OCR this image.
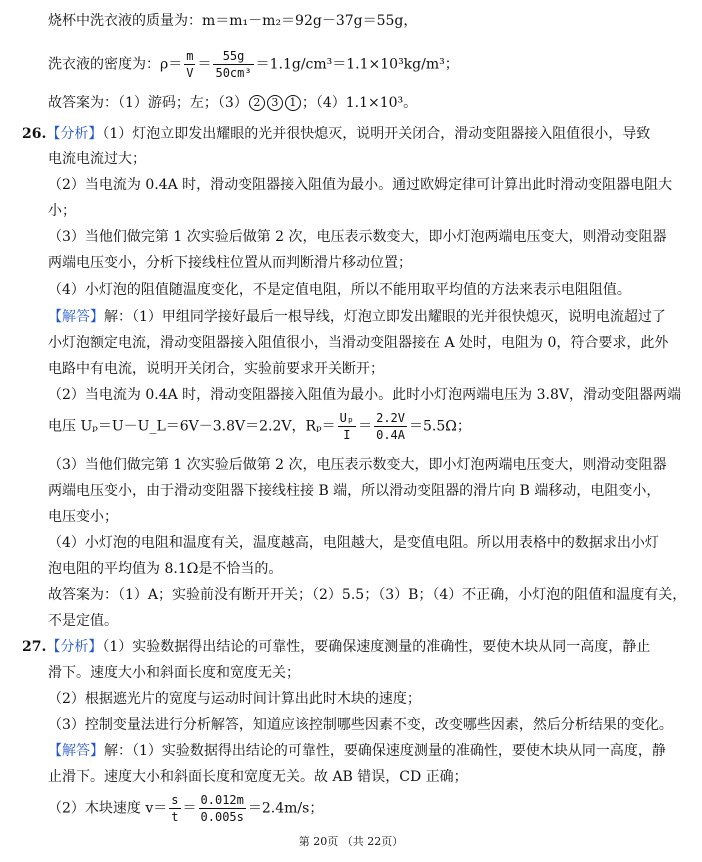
烧杯中洗衣液的质量为：m＝m₁－m₂＝92g－37g＝55g，
洗衣液的密度为：$\rho= \frac{m}{V} = \frac{55g}{\text{50cm³}} =1.1g/cm^3=1.1\times 10^3kg/m^3$；
故答案为：（1）游码；左；（3） 2 3 1 ；（4）1.1×10³。
26.【分析】（1）灯泡立即发出耀眼的光并很快熄灭，说明开关闭合，滑动变阻器接入阻值很小，导致
电流电流过大；
（2）当电流为 0.4A 时，滑动变阻器接入阻值为最小。通过欧姆定律可计算出此时滑动变阻器电阻大
小；
（3）当他们做完第 1 次实验后做第 2 次，电压表示数变大，即小灯泡两端电压变大，则滑动变阻器
两端电压变小，分析下接线柱位置从而判断滑片移动位置；
（4）小灯泡的阻值随温度变化，不是定值电阻，所以不能用取平均值的方法来表示电阻阻值。
【解答】解：（1）甲组同学接好最后一根导线，灯泡立即发出耀眼的光并很快熄灭，说明电流超过了
小灯泡额定电流，滑动变阻器接入阻值很小，当滑动变阻器接在 A 处时，电阻为 0，符合要求，此外
电路中有电流，说明开关闭合，实验前要求开关断开；
（2）当电流为 0.4A 时，滑动变阻器接入阻值为最小。此时小灯泡两端电压为 3.8V，滑动变阻器两端
电压 Uₚ＝U－U_L＝6V－3.8V＝2.2V，$R_p= \frac{\text{Uₚ}}{I} = \frac{2.2V}{0.4A} =5.5\Omega$；
（3）当他们做完第 1 次实验后做第 2 次，电压表示数变大，即小灯泡两端电压变大，则滑动变阻器
两端电压变小，由于滑动变阻器下接线柱接 B 端，所以滑动变阻器的滑片向 B 端移动，电阻变小，
电压变小；
（4）小灯泡的电阻和温度有关，温度越高，电阻越大，是变值电阻。所以用表格中的数据求出小灯
泡电阻的平均值为 8.1Ω是不恰当的。
故答案为：（1）A；实验前没有断开开关；（2）5.5；（3）B；（4）不正确，小灯泡的阻值和温度有关，
不是定值。
27.【分析】（1）实验数据得出结论的可靠性，要确保速度测量的准确性，要使木块从同一高度，静止
滑下。速度大小和斜面长度和宽度无关；
（2）根据遮光片的宽度与运动时间计算出此时木块的速度；
（3）控制变量法进行分析解答，知道应该控制哪些因素不变，改变哪些因素，然后分析结果的变化。
【解答】解：（1）实验数据得出结论的可靠性，要确保速度测量的准确性，要使木块从同一高度，静
止滑下。速度大小和斜面长度和宽度无关。故 AB 错误，CD 正确；
（2）木块速度 $v= \frac{s}{t} = \frac{0.012m}{0.005s} =2.4m/s$；
第 20页 （共 22页）
